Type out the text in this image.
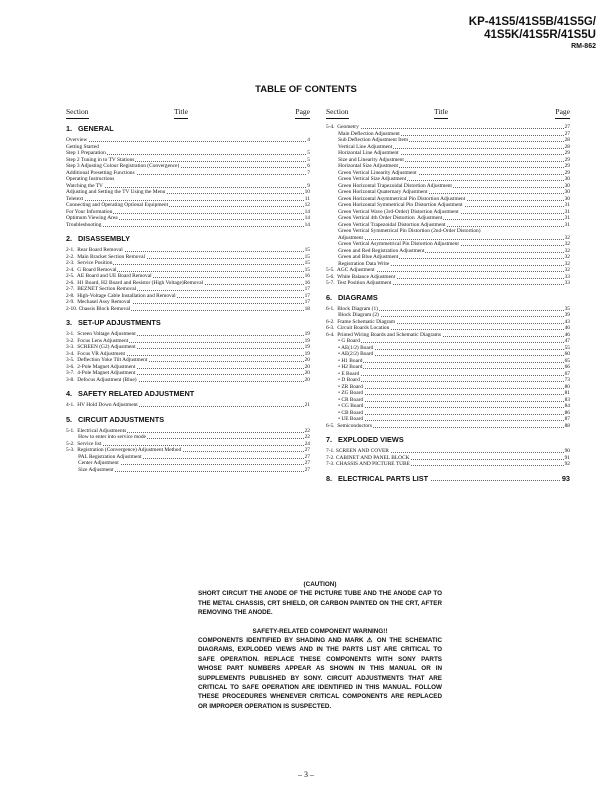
KP-41S5/41S5B/41S5G/
41S5K/41S5R/41S5U
RM-862
TABLE OF CONTENTS
Section	Title	Page Section	Title	Page
1. GENERAL
Overview	4
Getting Started
Step 1 Preparation	5
Step 2 Tuning in to TV Stations	5
Step 3 Adjusting Colour Registration (Convergence)	6
Additional Presetting Functions	7
Operating Instructions
Watching the TV	9
Adjusting and Setting the TV Using the Menu	10
Teletext	11
Connecting and Operating Optional Equipment	12
For Your Information	14
Optimum Viewing Area	14
Troubleshooting	14
2. DISASSEMBLY
2-1.  Rear Board Removal	15
2-2.  Main Bracket Section Removal	15
2-3.  Service Position	15
2-4.  G Board Removal	15
2-5.  AE Board and UE Board Removal	16
2-6.  H1 Board, H2 Board and Resistor (High Voltage)Removal	16
2-7.  BEZNET Section Removal	17
2-8.  High-Voltage Cable Installation and Removal	17
2-9.  Mechasel Assy Removal	17
2-10. Chassis Block Removal	18
3. SET-UP ADJUSTMENTS
3-1.  Screen Voltage Adjustment	19
3-2.  Focus Lens Adjustment	19
3-3.  SCREEN (G2) Adjustment	19
3-4.  Focus VR Adjustment	19
3-5.  Deflection Yoke Tilt Adjustment	20
3-6.  2-Pole Magnet Adjustment	20
3-7.  4-Pole Magnet Adjustment	20
3-8.  Defocus Adjustment (Blue)	20
4. SAFETY RELATED ADJUSTMENT
4-1.  HV Hold Down Adjustment	21
5. CIRCUIT ADJUSTMENTS
5-1.  Electrical Adjustments	22
How to enter into service mode	22
5-2.  Service list	24
5-3.  Registration (Convergence) Adjustment Method	27
PAL Registration Adjustment	27
Center Adjustment	27
Size Adjustment	27
5-4.  Geometry	27
Main Deflection Adjustment	27
Sub Deflection Adjustment Item	28
Vertical Line Adjustment	28
Horizontal Line Adjustment	29
Size and Linearity Adjustment	29
Horizontal Size Adjustment	29
Green Vertical Linearity Adjustment	29
Green Vertical Size Adjustment	30
Green Horizontal Trapezoidal Distortion Adjustment	30
Green Horizontal Quaternary Adjustment	30
Green Horizontal Asymmetrical Pin Distortion Adjustment	30
Green Horizontal Symmetrical Pin Distortion Adjustment	31
Green Vertical Wave (3rd-Order) Distortion Adjustment	31
Green Vertical 4th Order Distortion  Adjustment	31
Green Vertical Trapezoidal Distortion Adjustment	31
Green Vertical Symmetrical Pin Distortion (2nd-Order Distortion)
Adjustment	32
Green Vertical Asymmetrical Pin Distortion Adjustment	32
Green and Red Registration Adjustment	32
Green and Blue Adjustment	32
Registration Data Write	32
5-5.  AGC Adjustment	32
5-6.  White Balance Adjustment	33
5-7.  Test Position Adjustment	33
6. DIAGRAMS
6-1.  Block Diagram (1)	35
Block Diagram (2)	39
6-2.  Frame Schematic Diagram	43
6-3.  Circuit Boards Location	46
6-4.  Printed Wiring Boards and Schematic Diagrams	46
• G Board	47
• AE(1/2) Board	55
• AE(2/2) Board	60
• H1 Board	65
• H2 Board	66
• E Board	67
• D Board	73
• ZR Board	80
• ZG Board	81
• CR Board	83
• CG Board	84
• CB Board	86
• UE Board	87
6-5.  Semiconductors	88
7. EXPLODED VIEWS
7-1. SCREEN AND COVER	90
7-2. CABINET AND PANEL BLOCK	91
7-3. CHASSIS AND PICTURE TUBE	92
8. ELECTRICAL PARTS LIST	93
(CAUTION)

SHORT CIRCUIT THE ANODE OF THE PICTURE TUBE AND THE ANODE CAP TO THE METAL CHASSIS, CRT SHIELD, OR CARBON PAINTED ON THE CRT, AFTER REMOVING THE ANODE.

SAFETY-RELATED COMPONENT WARNING!!

COMPONENTS IDENTIFIED BY SHADING AND MARK ⚠ ON THE SCHEMATIC DIAGRAMS, EXPLODED VIEWS AND IN THE PARTS LIST ARE CRITICAL TO SAFE OPERATION. REPLACE THESE COMPONENTS WITH SONY PARTS WHOSE PART NUMBERS APPEAR AS SHOWN IN THIS MANUAL OR IN SUPPLEMENTS PUBLISHED BY SONY. CIRCUIT ADJUSTMENTS THAT ARE CRITICAL TO SAFE OPERATION ARE IDENTIFIED IN THIS MANUAL. FOLLOW THESE PROCEDURES WHENEVER CRITICAL COMPONENTS ARE REPLACED OR IMPROPER OPERATION IS SUSPECTED.

– 3 –
